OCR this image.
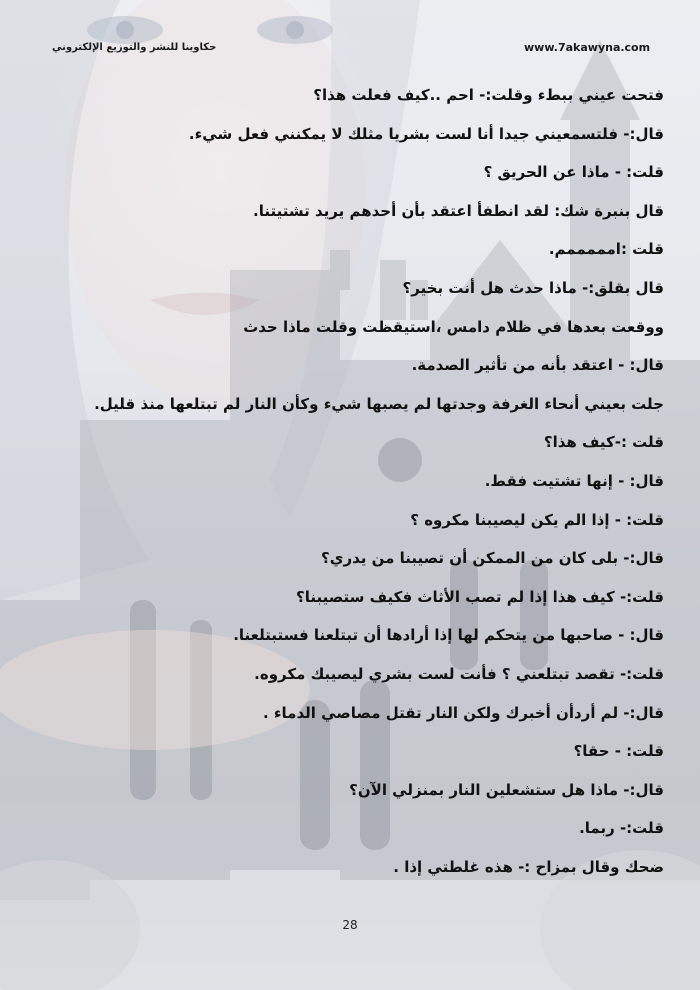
حكاوينا للنشر والتوزيع الإلكتروني	www.7akawyna.com
فتحت عيني ببطء وقلت:- احم ..كيف فعلت هذا؟
قال:- فلتسمعيني جيدا أنا لست بشريا مثلك لا يمكنني فعل شيء.
قلت: - ماذا عن الحريق ؟
قال بنبرة شك: لقد انطفأ اعتقد بأن أحدهم يريد تشتيتنا.
قلت :امممممم.
قال بقلق:- ماذا حدث هل أنت بخير؟
ووقعت بعدها في ظلام دامس ،استيقظت وقلت ماذا حدث
قال: - اعتقد بأنه من تأثير الصدمة.
جلت بعيني أنحاء الغرفة وجدتها لم يصبها شيء وكأن النار لم تبتلعها منذ قليل.
قلت :-كيف هذا؟
قال: - إنها تشتيت فقط.
قلت: - إذا الم يكن ليصيبنا مكروه ؟
قال:- بلى كان من الممكن أن تصيبنا من يدري؟
قلت:- كيف هذا إذا لم تصب الأثاث فكيف ستصيبنا؟
قال: - صاحبها من يتحكم لها إذا أرادها أن تبتلعنا فستبتلعنا.
قلت:- تقصد تبتلعني ؟ فأنت لست بشري ليصيبك مكروه.
قال:- لم أردأن أخبرك ولكن النار تقتل مصاصي الدماء .
قلت: - حقا؟
قال:- ماذا هل ستشعلين النار بمنزلي الآن؟
قلت:- ربما.
ضحك وقال بمزاح :- هذه غلطتي إذا .
28
